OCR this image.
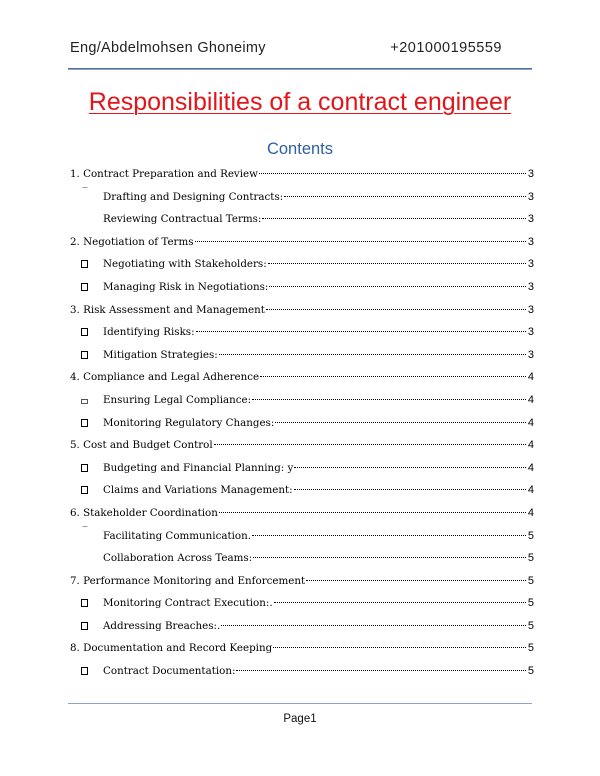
Eng/Abdelmohsen Ghoneimy	+201000195559
Responsibilities of a contract engineer
Contents
1. Contract Preparation and Review	3
‾ Drafting and Designing Contracts:	3
Reviewing Contractual Terms:	3
2. Negotiation of Terms	3
Negotiating with Stakeholders:	3
Managing Risk in Negotiations:	3
3. Risk Assessment and Management	3
Identifying Risks:	3
Mitigation Strategies:	3
4. Compliance and Legal Adherence	4
Ensuring Legal Compliance:	4
Monitoring Regulatory Changes:	4
5. Cost and Budget Control	4
Budgeting and Financial Planning: y	4
Claims and Variations Management:	4
6. Stakeholder Coordination	4
‾ Facilitating Communication.	5
Collaboration Across Teams:	5
7. Performance Monitoring and Enforcement	5
Monitoring Contract Execution:.	5
Addressing Breaches:.	5
8. Documentation and Record Keeping	5
Contract Documentation:	5
Page1
